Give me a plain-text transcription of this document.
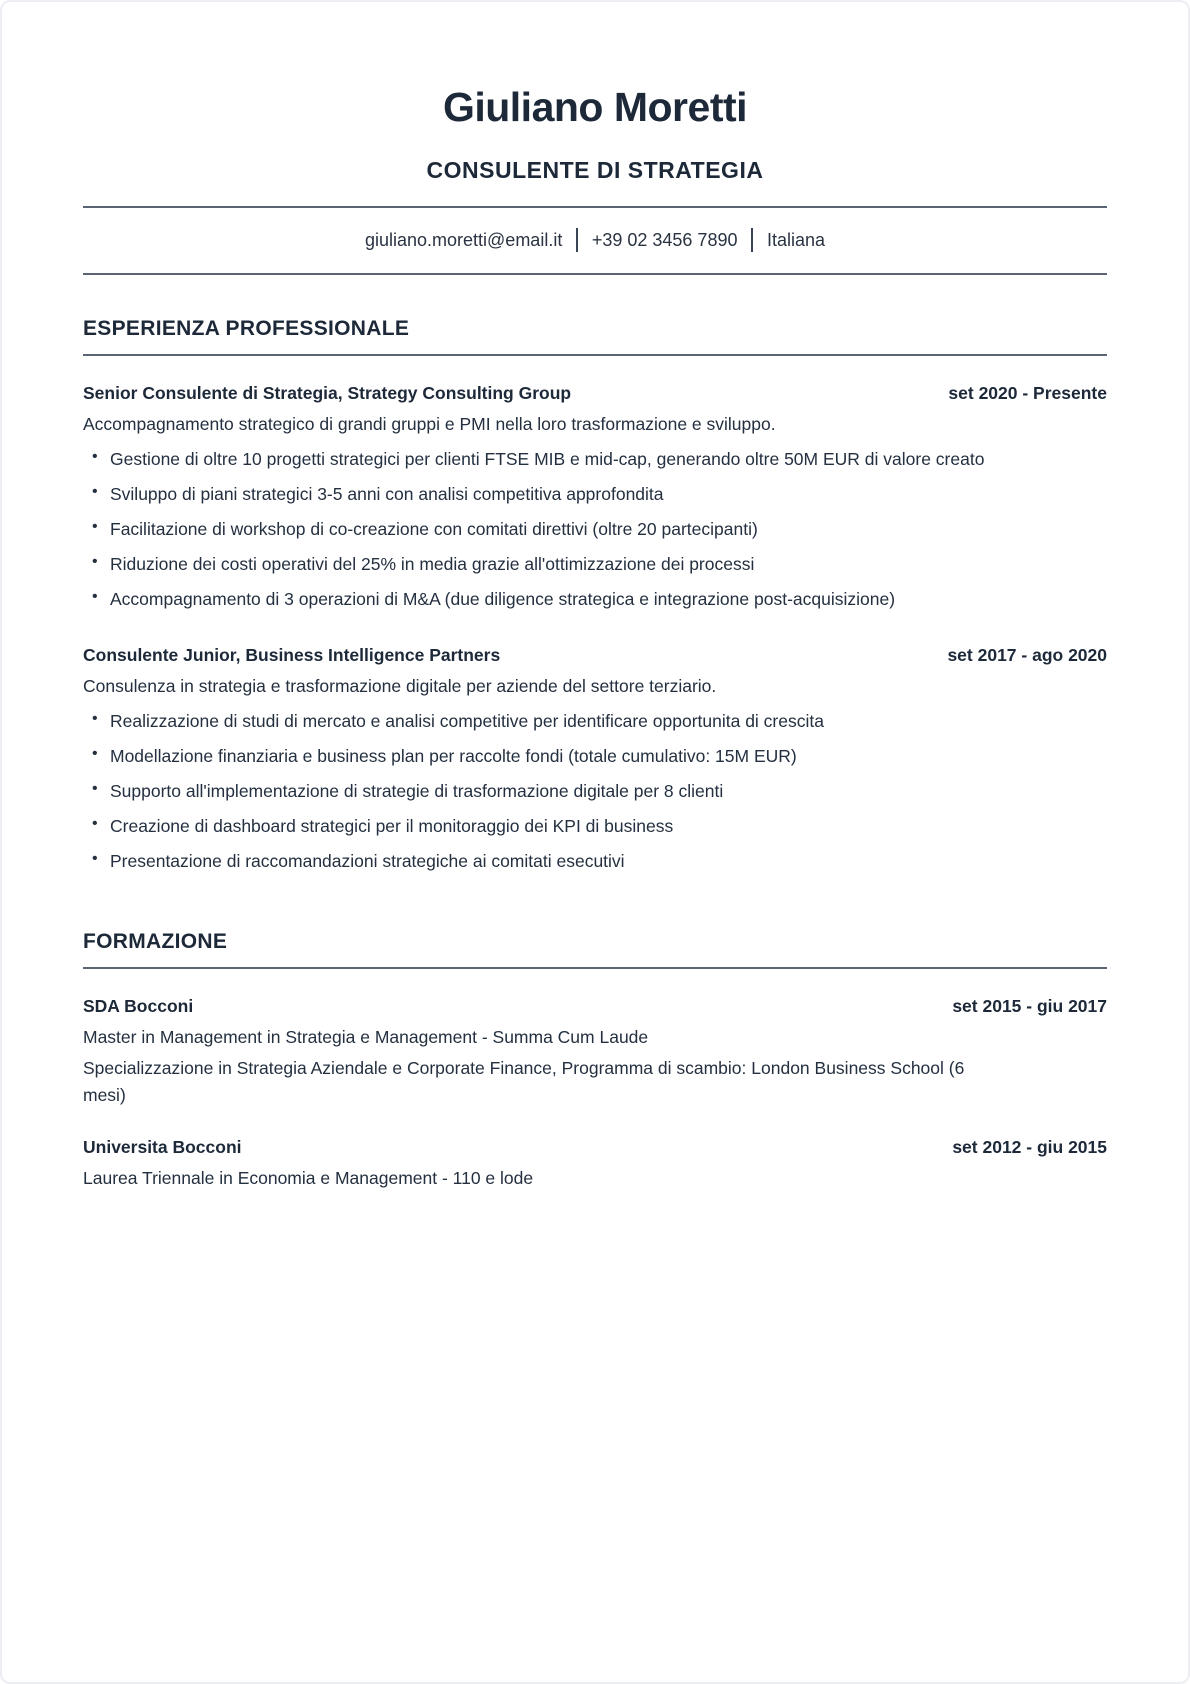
Giuliano Moretti
CONSULENTE DI STRATEGIA
giuliano.moretti@email.it +39 02 3456 7890 Italiana
ESPERIENZA PROFESSIONALE
Senior Consulente di Strategia, Strategy Consulting Group	set 2020 - Presente
Accompagnamento strategico di grandi gruppi e PMI nella loro trasformazione e sviluppo.
• Gestione di oltre 10 progetti strategici per clienti FTSE MIB e mid-cap, generando oltre 50M EUR di valore creato
• Sviluppo di piani strategici 3-5 anni con analisi competitiva approfondita
• Facilitazione di workshop di co-creazione con comitati direttivi (oltre 20 partecipanti)
• Riduzione dei costi operativi del 25% in media grazie all'ottimizzazione dei processi
• Accompagnamento di 3 operazioni di M&A (due diligence strategica e integrazione post-acquisizione)
Consulente Junior, Business Intelligence Partners	set 2017 - ago 2020
Consulenza in strategia e trasformazione digitale per aziende del settore terziario.
• Realizzazione di studi di mercato e analisi competitive per identificare opportunita di crescita
• Modellazione finanziaria e business plan per raccolte fondi (totale cumulativo: 15M EUR)
• Supporto all'implementazione di strategie di trasformazione digitale per 8 clienti
• Creazione di dashboard strategici per il monitoraggio dei KPI di business
• Presentazione di raccomandazioni strategiche ai comitati esecutivi
FORMAZIONE
SDA Bocconi	set 2015 - giu 2017
Master in Management in Strategia e Management - Summa Cum Laude
Specializzazione in Strategia Aziendale e Corporate Finance, Programma di scambio: London Business School (6 mesi)
Universita Bocconi	set 2012 - giu 2015
Laurea Triennale in Economia e Management - 110 e lode
